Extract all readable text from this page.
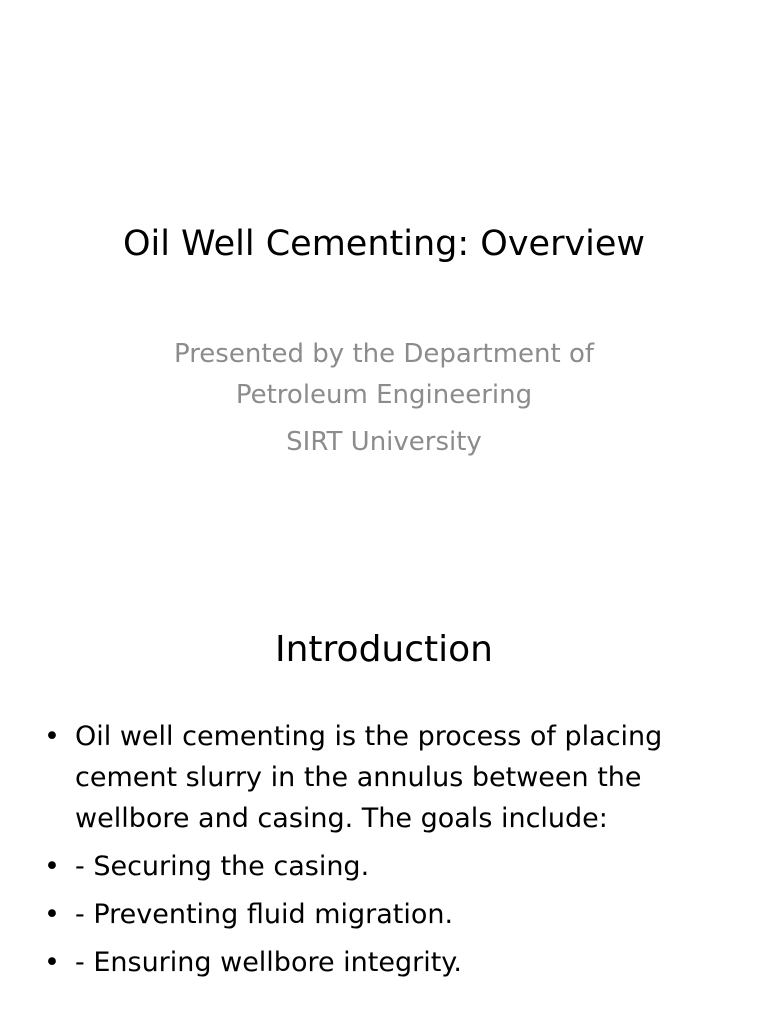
Oil Well Cementing: Overview
Presented by the Department of
Petroleum Engineering
SIRT University
Introduction
• Oil well cementing is the process of placing cement slurry in the annulus between the wellbore and casing. The goals include:
• - Securing the casing.
• - Preventing fluid migration.
• - Ensuring wellbore integrity.
